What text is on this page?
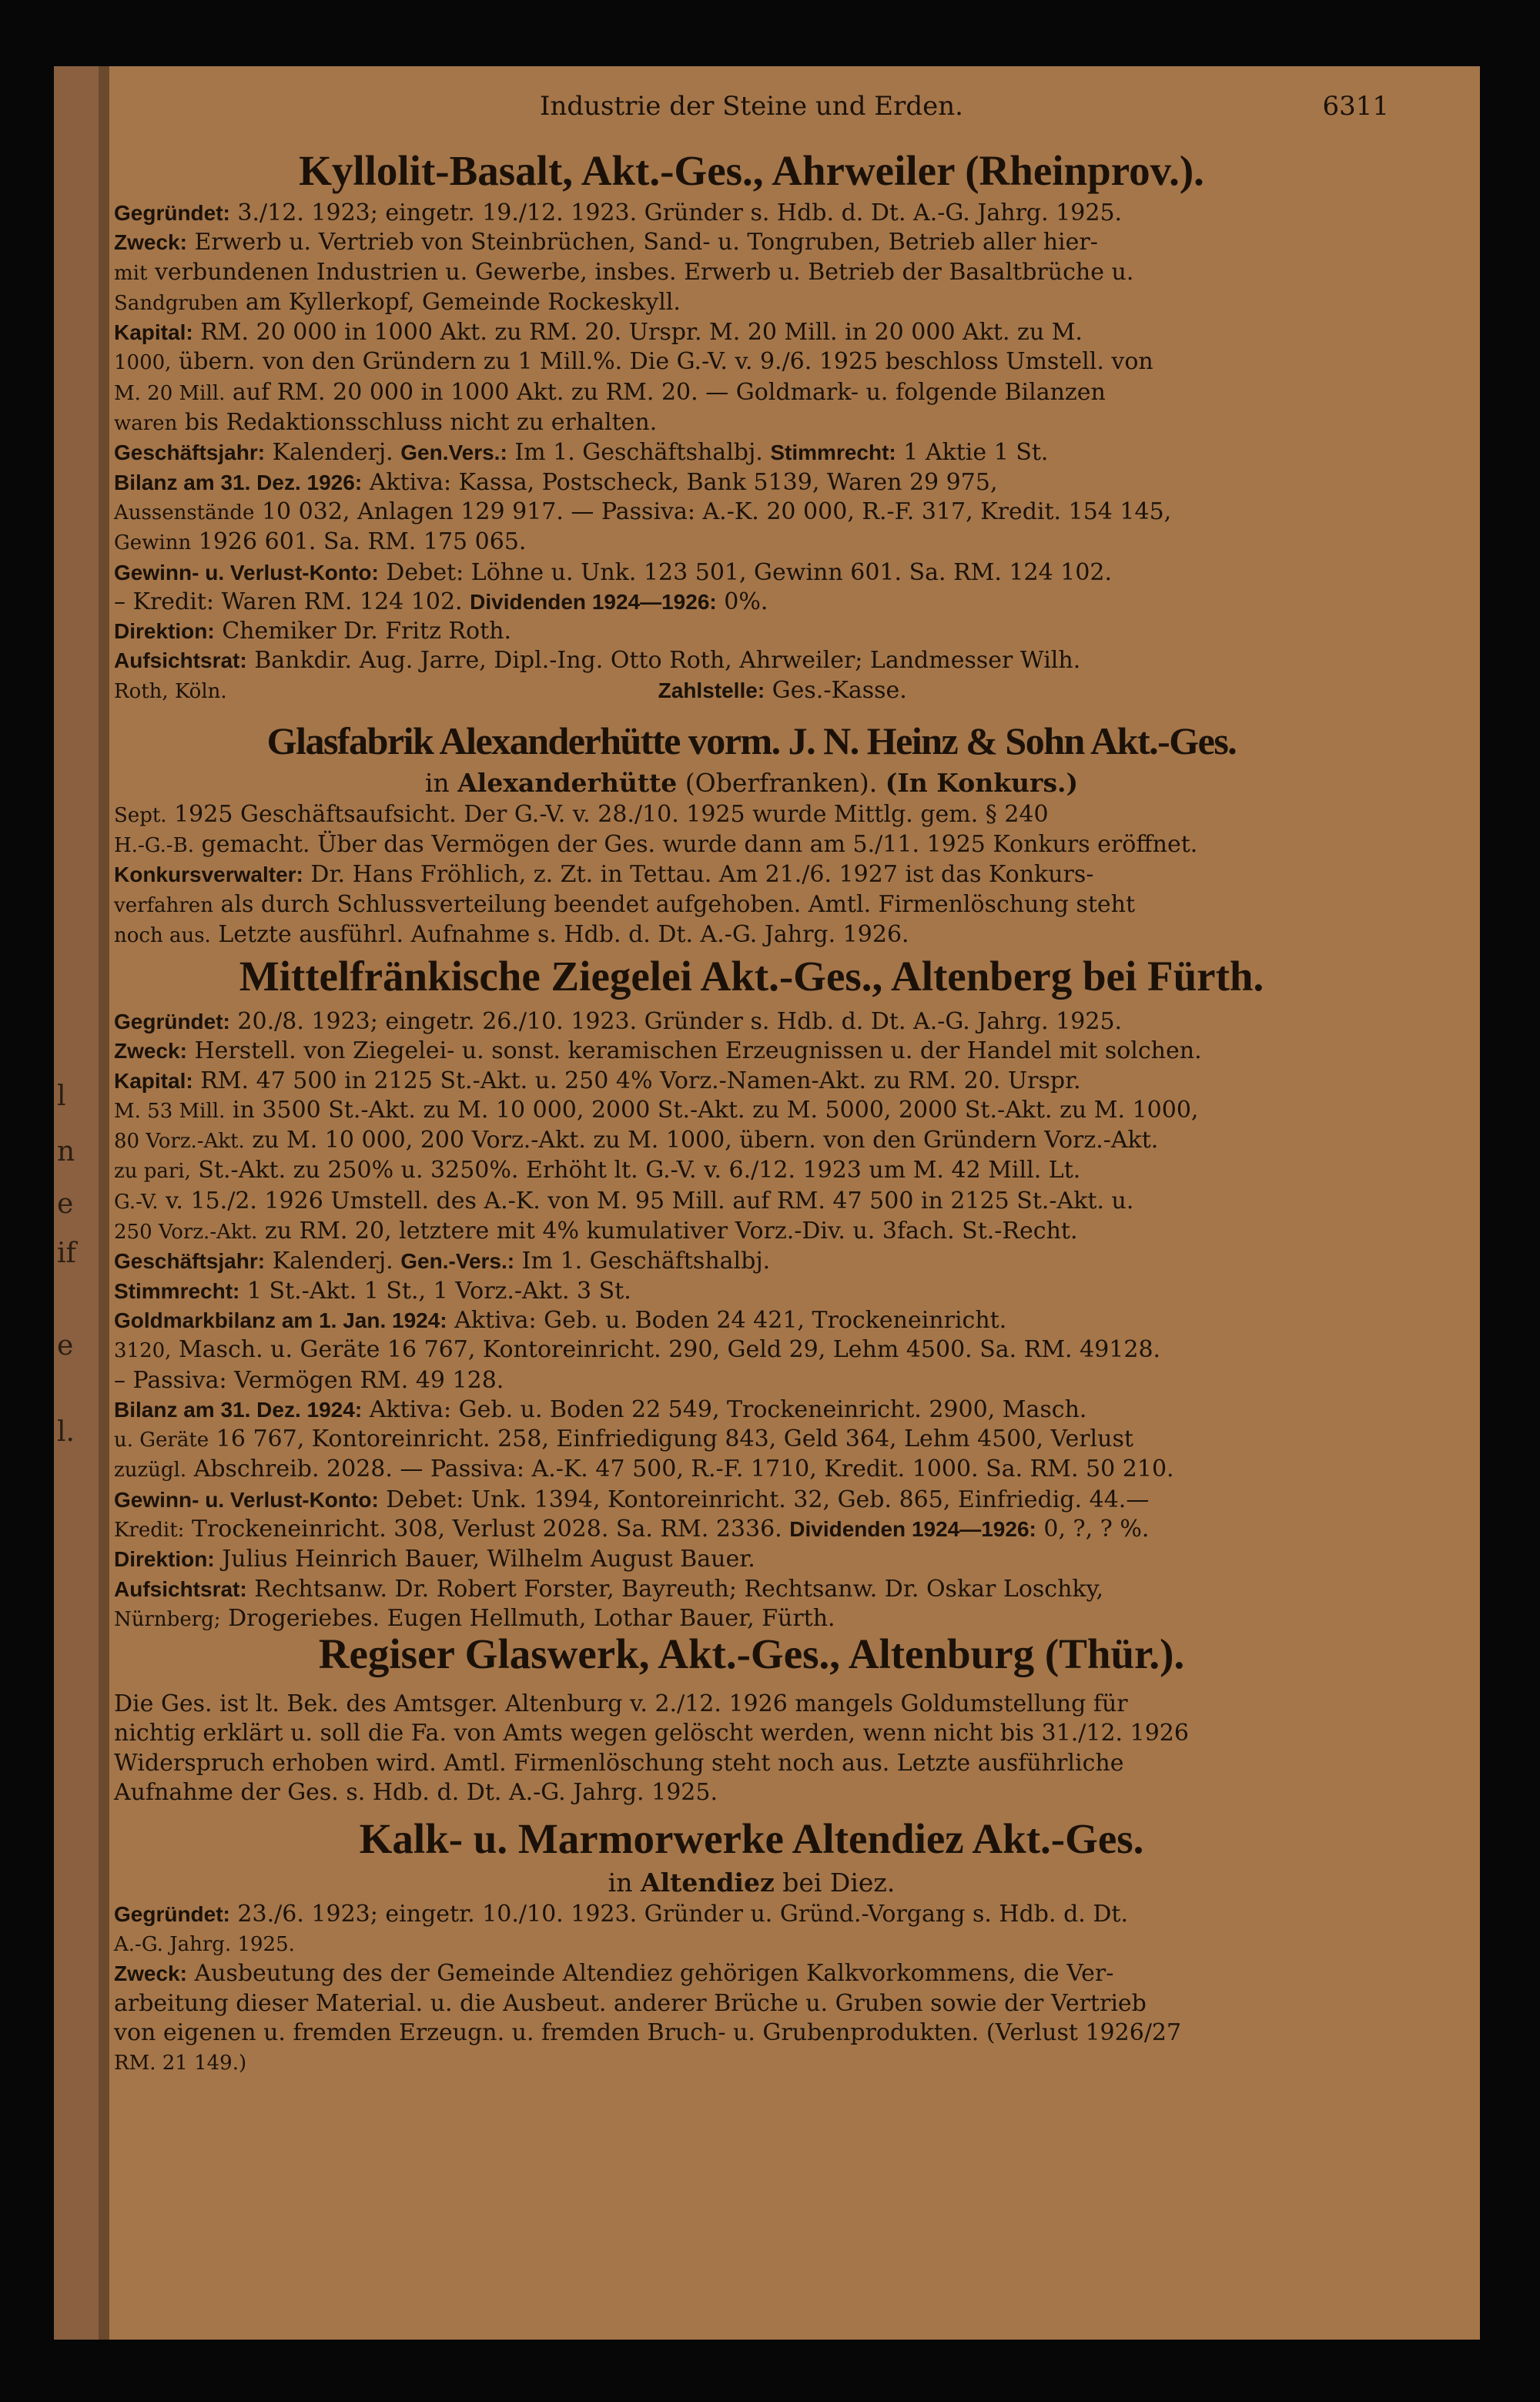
l
n
e
if
e
l.
Industrie der Steine und Erden.	6311
Kyllolit-Basalt, Akt.-Ges., Ahrweiler (Rheinprov.).

Gegründet: 3./12. 1923; eingetr. 19./12. 1923. Gründer s. Hdb. d. Dt. A.-G. Jahrg. 1925.

Zweck: Erwerb u. Vertrieb von Steinbrüchen, Sand- u. Tongruben, Betrieb aller hier-

mit verbundenen Industrien u. Gewerbe, insbes. Erwerb u. Betrieb der Basaltbrüche u.

Sandgruben am Kyllerkopf, Gemeinde Rockeskyll.

Kapital: RM. 20 000 in 1000 Akt. zu RM. 20. Urspr. M. 20 Mill. in 20 000 Akt. zu M.

1000, übern. von den Gründern zu 1 Mill.%. Die G.-V. v. 9./6. 1925 beschloss Umstell. von

M. 20 Mill. auf RM. 20 000 in 1000 Akt. zu RM. 20. — Goldmark- u. folgende Bilanzen

waren bis Redaktionsschluss nicht zu erhalten.

Geschäftsjahr: Kalenderj. Gen.Vers.: Im 1. Geschäftshalbj. Stimmrecht: 1 Aktie 1 St.

Bilanz am 31. Dez. 1926: Aktiva: Kassa, Postscheck, Bank 5139, Waren 29 975,

Aussenstände 10 032, Anlagen 129 917. — Passiva: A.-K. 20 000, R.-F. 317, Kredit. 154 145,

Gewinn 1926 601. Sa. RM. 175 065.

Gewinn- u. Verlust-Konto: Debet: Löhne u. Unk. 123 501, Gewinn 601. Sa. RM. 124 102.

– Kredit: Waren RM. 124 102. Dividenden 1924—1926: 0%.

Direktion: Chemiker Dr. Fritz Roth.

Aufsichtsrat: Bankdir. Aug. Jarre, Dipl.-Ing. Otto Roth, Ahrweiler; Landmesser Wilh.

Roth, Köln.	Zahlstelle: Ges.-Kasse.

Glasfabrik Alexanderhütte vorm. J. N. Heinz & Sohn Akt.-Ges.
in Alexanderhütte (Oberfranken). (In Konkurs.)

Sept. 1925 Geschäftsaufsicht. Der G.-V. v. 28./10. 1925 wurde Mittlg. gem. § 240

H.-G.-B. gemacht. Über das Vermögen der Ges. wurde dann am 5./11. 1925 Konkurs eröffnet.

Konkursverwalter: Dr. Hans Fröhlich, z. Zt. in Tettau. Am 21./6. 1927 ist das Konkurs-

verfahren als durch Schlussverteilung beendet aufgehoben. Amtl. Firmenlöschung steht

noch aus. Letzte ausführl. Aufnahme s. Hdb. d. Dt. A.-G. Jahrg. 1926.

Mittelfränkische Ziegelei Akt.-Ges., Altenberg bei Fürth.

Gegründet: 20./8. 1923; eingetr. 26./10. 1923. Gründer s. Hdb. d. Dt. A.-G. Jahrg. 1925.

Zweck: Herstell. von Ziegelei- u. sonst. keramischen Erzeugnissen u. der Handel mit solchen.

Kapital: RM. 47 500 in 2125 St.-Akt. u. 250 4% Vorz.-Namen-Akt. zu RM. 20. Urspr.

M. 53 Mill. in 3500 St.-Akt. zu M. 10 000, 2000 St.-Akt. zu M. 5000, 2000 St.-Akt. zu M. 1000,

80 Vorz.-Akt. zu M. 10 000, 200 Vorz.-Akt. zu M. 1000, übern. von den Gründern Vorz.-Akt.

zu pari, St.-Akt. zu 250% u. 3250%. Erhöht lt. G.-V. v. 6./12. 1923 um M. 42 Mill. Lt.

G.-V. v. 15./2. 1926 Umstell. des A.-K. von M. 95 Mill. auf RM. 47 500 in 2125 St.-Akt. u.

250 Vorz.-Akt. zu RM. 20, letztere mit 4% kumulativer Vorz.-Div. u. 3fach. St.-Recht.

Geschäftsjahr: Kalenderj. Gen.-Vers.: Im 1. Geschäftshalbj.

Stimmrecht: 1 St.-Akt. 1 St., 1 Vorz.-Akt. 3 St.

Goldmarkbilanz am 1. Jan. 1924: Aktiva: Geb. u. Boden 24 421, Trockeneinricht.

3120, Masch. u. Geräte 16 767, Kontoreinricht. 290, Geld 29, Lehm 4500. Sa. RM. 49128.

– Passiva: Vermögen RM. 49 128.

Bilanz am 31. Dez. 1924: Aktiva: Geb. u. Boden 22 549, Trockeneinricht. 2900, Masch.

u. Geräte 16 767, Kontoreinricht. 258, Einfriedigung 843, Geld 364, Lehm 4500, Verlust

zuzügl. Abschreib. 2028. — Passiva: A.-K. 47 500, R.-F. 1710, Kredit. 1000. Sa. RM. 50 210.

Gewinn- u. Verlust-Konto: Debet: Unk. 1394, Kontoreinricht. 32, Geb. 865, Einfriedig. 44.—

Kredit: Trockeneinricht. 308, Verlust 2028. Sa. RM. 2336. Dividenden 1924—1926: 0, ?, ? %.

Direktion: Julius Heinrich Bauer, Wilhelm August Bauer.

Aufsichtsrat: Rechtsanw. Dr. Robert Forster, Bayreuth; Rechtsanw. Dr. Oskar Loschky,

Nürnberg; Drogeriebes. Eugen Hellmuth, Lothar Bauer, Fürth.

Regiser Glaswerk, Akt.-Ges., Altenburg (Thür.).

Die Ges. ist lt. Bek. des Amtsger. Altenburg v. 2./12. 1926 mangels Goldumstellung für

nichtig erklärt u. soll die Fa. von Amts wegen gelöscht werden, wenn nicht bis 31./12. 1926

Widerspruch erhoben wird. Amtl. Firmenlöschung steht noch aus. Letzte ausführliche

Aufnahme der Ges. s. Hdb. d. Dt. A.-G. Jahrg. 1925.

Kalk- u. Marmorwerke Altendiez Akt.-Ges.
in Altendiez bei Diez.

Gegründet: 23./6. 1923; eingetr. 10./10. 1923. Gründer u. Gründ.-Vorgang s. Hdb. d. Dt.

A.-G. Jahrg. 1925.

Zweck: Ausbeutung des der Gemeinde Altendiez gehörigen Kalkvorkommens, die Ver-

arbeitung dieser Material. u. die Ausbeut. anderer Brüche u. Gruben sowie der Vertrieb

von eigenen u. fremden Erzeugn. u. fremden Bruch- u. Grubenprodukten. (Verlust 1926/27

RM. 21 149.)
